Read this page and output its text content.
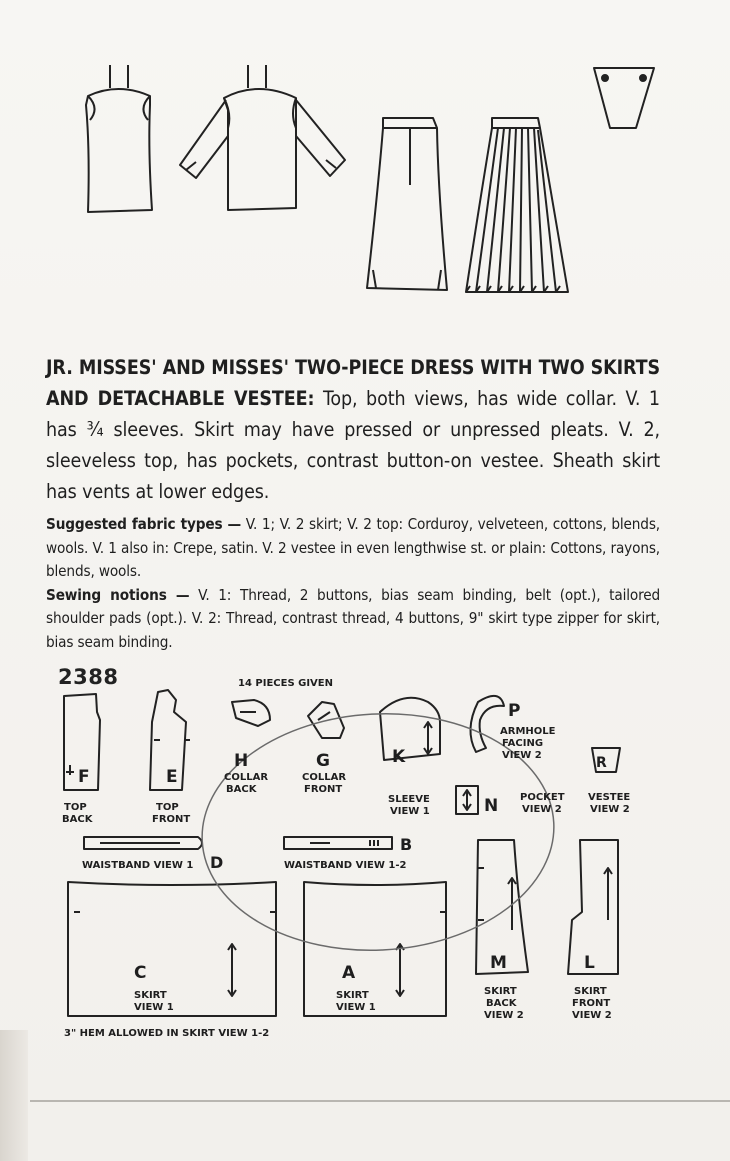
JR. MISSES' AND MISSES' TWO-PIECE DRESS WITH TWO SKIRTS AND DETACHABLE VESTEE: Top, both views, has wide collar. V. 1 has ¾ sleeves. Skirt may have pressed or unpressed pleats. V. 2, sleeveless top, has pockets, contrast button-on vestee. Sheath skirt has vents at lower edges.
Suggested fabric types — V. 1; V. 2 skirt; V. 2 top: Corduroy, velveteen, cottons, blends, wools. V. 1 also in: Crepe, satin. V. 2 vestee in even lengthwise st. or plain: Cottons, rayons, blends, wools.
Sewing notions — V. 1: Thread, 2 buttons, bias seam binding, belt (opt.), tailored shoulder pads (opt.). V. 2: Thread, contrast thread, 4 buttons, 9" skirt type zipper for skirt, bias seam binding.
2388	14 PIECES GIVEN
F
TOP
BACK
E
TOP
FRONT
H
COLLAR
BACK
G
COLLAR
FRONT
K
SLEEVE
VIEW 1
P
ARMHOLE
FACING
VIEW 2	R
VESTEE
VIEW 2
N POCKET
VIEW 2
WAISTBAND VIEW 1 D	WAISTBAND VIEW 1-2
B
C
SKIRT
VIEW 1
A
SKIRT
VIEW 1
M
SKIRT
BACK
VIEW 2
L
SKIRT
FRONT
VIEW 2
3" HEM ALLOWED IN SKIRT VIEW 1-2
